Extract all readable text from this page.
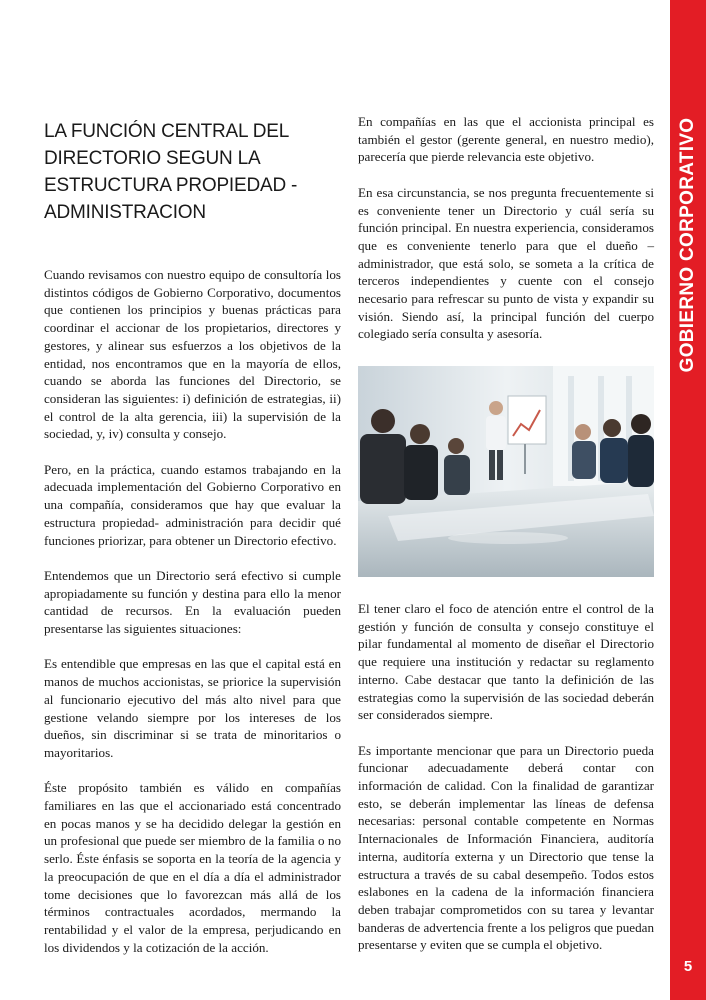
GOBIERNO CORPORATIVO
5
LA FUNCIÓN CENTRAL DEL DIRECTORIO SEGUN LA ESTRUCTURA PROPIEDAD - ADMINISTRACION

Cuando revisamos con nuestro equipo de consultoría los distintos códigos de Gobierno Corporativo, documentos que contienen los principios y buenas prácticas para coordinar el accionar de los propietarios, directores y gestores, y alinear sus esfuerzos a los objetivos de la entidad, nos encontramos que en la mayoría de ellos, cuando se aborda las funciones del Directorio, se consideran las siguientes: i) definición de estrategias, ii) el control de la alta gerencia, iii) la supervisión de la sociedad, y, iv) consulta y consejo.

Pero, en la práctica, cuando estamos trabajando en la adecuada implementación del Gobierno Corporativo en una compañía, consideramos que hay que evaluar la estructura propiedad- administración para decidir qué funciones priorizar, para obtener un Directorio efectivo.

Entendemos que un Directorio será efectivo si cumple apropiadamente su función y destina para ello la menor cantidad de recursos. En la evaluación pueden presentarse las siguientes situaciones:

Es entendible que empresas en las que el capital está en manos de muchos accionistas, se priorice la supervisión al funcionario ejecutivo del más alto nivel para que gestione velando siempre por los intereses de los dueños, sin discriminar si se trata de minoritarios o mayoritarios.

Éste propósito también es válido en compañías familiares en las que el accionariado está concentrado en pocas manos y se ha decidido delegar la gestión en un profesional que puede ser miembro de la familia o no serlo. Éste énfasis se soporta en la teoría de la agencia y la preocupación de que en el día a día el administrador tome decisiones que lo favorezcan más allá de los términos contractuales acordados, mermando la rentabilidad y el valor de la empresa, perjudicando en los dividendos y la cotización de la acción.

En compañías en las que el accionista principal es también el gestor (gerente general, en nuestro medio), parecería que pierde relevancia este objetivo.

En esa circunstancia, se nos pregunta frecuentemente si es conveniente tener un Directorio y cuál sería su función principal. En nuestra experiencia, consideramos que es conveniente tenerlo para que el dueño – administrador, que está solo, se someta a la crítica de terceros independientes y cuente con el consejo necesario para refrescar su punto de vista y expandir su visión. Siendo así, la principal función del cuerpo colegiado sería consulta y asesoría.

El tener claro el foco de atención entre el control de la gestión y función de consulta y consejo constituye el pilar fundamental al momento de diseñar el Directorio que requiere una institución y redactar su reglamento interno. Cabe destacar que tanto la definición de las estrategias como la supervisión de las sociedad deberán ser considerados siempre.

Es importante mencionar que para un Directorio pueda funcionar adecuadamente deberá contar con información de calidad. Con la finalidad de garantizar esto, se deberán implementar las líneas de defensa necesarias: personal contable competente en Normas Internacionales de Información Financiera, auditoría interna, auditoría externa y un Directorio que tense la estructura a través de su cabal desempeño. Todos estos eslabones en la cadena de la información financiera deben trabajar comprometidos con su tarea y levantar banderas de advertencia frente a los peligros que puedan presentarse y eviten que se cumpla el objetivo.
